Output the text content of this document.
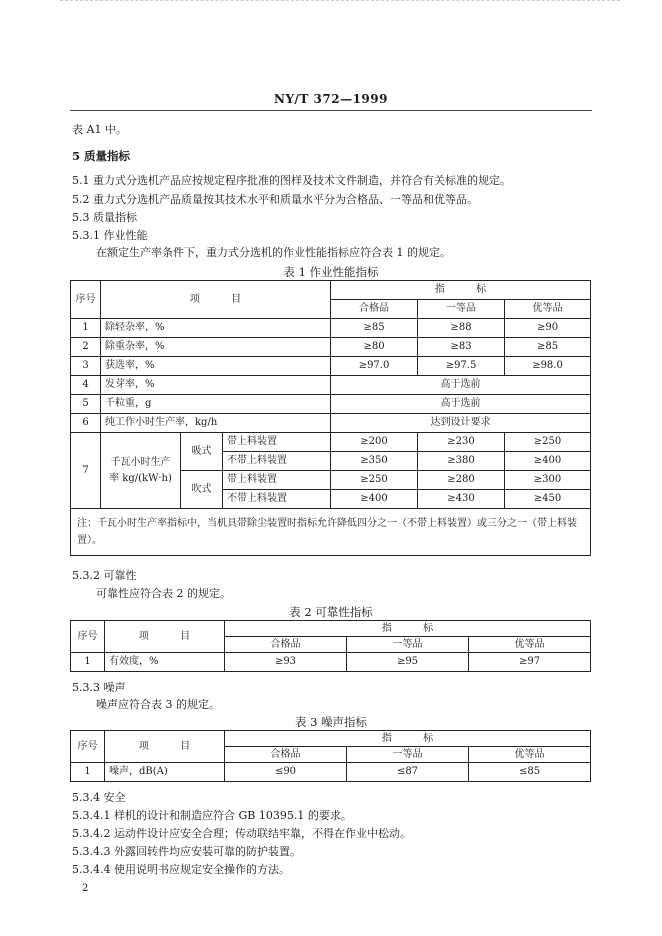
NY/T 372—1999
表 A1 中。
5 质量指标
5.1 重力式分选机产品应按规定程序批准的图样及技术文件制造，并符合有关标准的规定。
5.2 重力式分选机产品质量按其技术水平和质量水平分为合格品、一等品和优等品。
5.3 质量指标
5.3.1 作业性能
在额定生产率条件下，重力式分选机的作业性能指标应符合表 1 的规定。
表 1 作业性能指标
序号	项 目			指 标		
				合格品	一等品	优等品
1	除轻杂率，%			≥85	≥88	≥90
2	除重杂率，%			≥80	≥83	≥85
3	获选率，%			≥97.0	≥97.5	≥98.0
4	发芽率，%			高于选前		
5	千粒重，g			高于选前		
6	纯工作小时生产率，kg/h			达到设计要求		
7	千瓦小时生产率 kg/(kW·h)	吸式	带上料装置	≥200	≥230	≥250
			不带上料装置	≥350	≥380	≥400
		吹式	带上料装置	≥250	≥280	≥300
			不带上料装置	≥400	≥430	≥450
注：千瓦小时生产率指标中，当机具带除尘装置时指标允许降低四分之一（不带上料装置）或三分之一（带上料装置）。						
5.3.2 可靠性
可靠性应符合表 2 的规定。
表 2 可靠性指标
序号	项 目	指 标		
		合格品	一等品	优等品
1	有效度，%	≥93	≥95	≥97
5.3.3 噪声
噪声应符合表 3 的规定。
表 3 噪声指标
序号	项 目	指 标		
		合格品	一等品	优等品
1	噪声，dB(A)	≤90	≤87	≤85
5.3.4 安全
5.3.4.1 样机的设计和制造应符合 GB 10395.1 的要求。
5.3.4.2 运动件设计应安全合理；传动联结牢靠，不得在作业中松动。
5.3.4.3 外露回转件均应安装可靠的防护装置。
5.3.4.4 使用说明书应规定安全操作的方法。
2
